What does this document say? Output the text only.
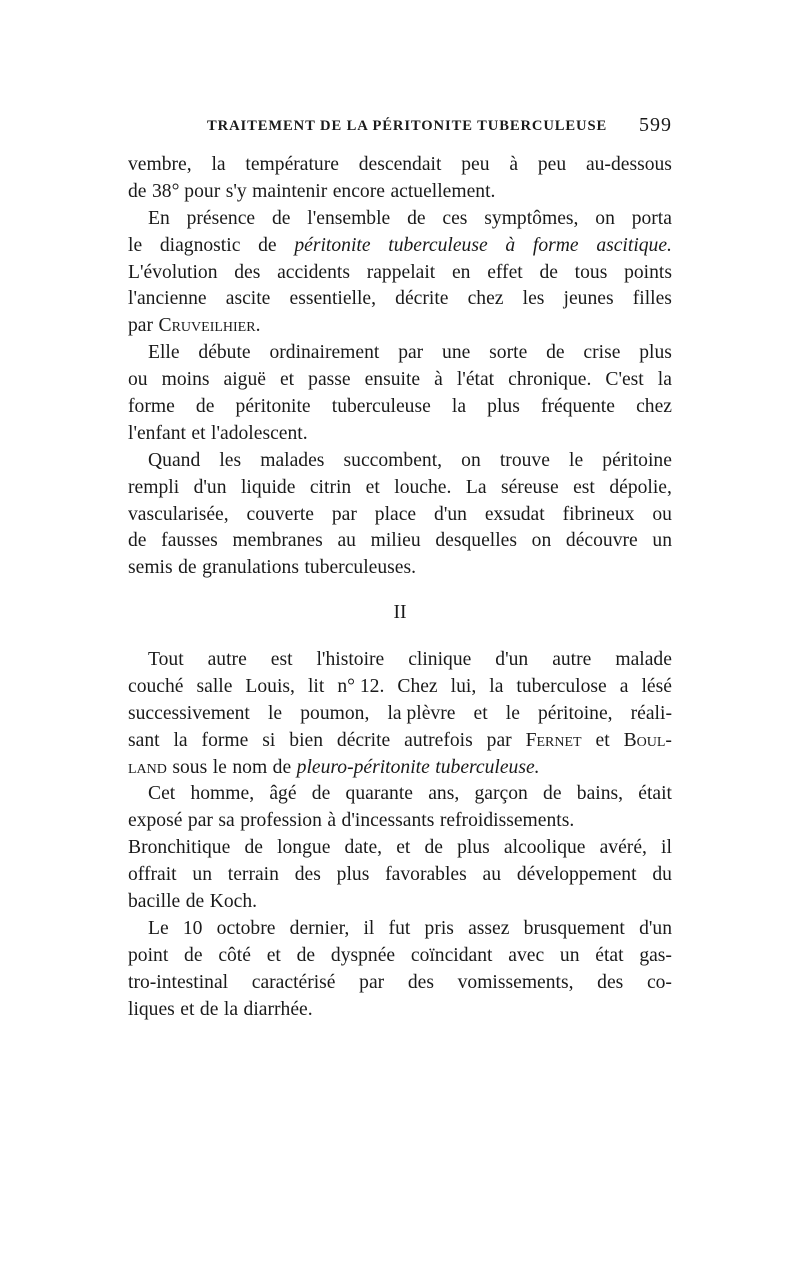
TRAITEMENT DE LA PÉRITONITE TUBERCULEUSE 599
vembre, la température descendait peu à peu au-dessous
de 38° pour s'y maintenir encore actuellement.
En présence de l'ensemble de ces symptômes, on porta
le diagnostic de péritonite tuberculeuse à forme ascitique.
L'évolution des accidents rappelait en effet de tous points
l'ancienne ascite essentielle, décrite chez les jeunes filles
par Cruveilhier.
Elle débute ordinairement par une sorte de crise plus
ou moins aiguë et passe ensuite à l'état chronique. C'est la
forme de péritonite tuberculeuse la plus fréquente chez
l'enfant et l'adolescent.
Quand les malades succombent, on trouve le péritoine
rempli d'un liquide citrin et louche. La séreuse est dépolie,
vascularisée, couverte par place d'un exsudat fibrineux ou
de fausses membranes au milieu desquelles on découvre un
semis de granulations tuberculeuses.
II
Tout autre est l'histoire clinique d'un autre malade
couché salle Louis, lit n° 12. Chez lui, la tuberculose a lésé
successivement le poumon, la plèvre et le péritoine, réali-
sant la forme si bien décrite autrefois par Fernet et Boul-
land sous le nom de pleuro-péritonite tuberculeuse.
Cet homme, âgé de quarante ans, garçon de bains, était
exposé par sa profession à d'incessants refroidissements.
Bronchitique de longue date, et de plus alcoolique avéré, il
offrait un terrain des plus favorables au développement du
bacille de Koch.
Le 10 octobre dernier, il fut pris assez brusquement d'un
point de côté et de dyspnée coïncidant avec un état gas-
tro-intestinal caractérisé par des vomissements, des co-
liques et de la diarrhée.
